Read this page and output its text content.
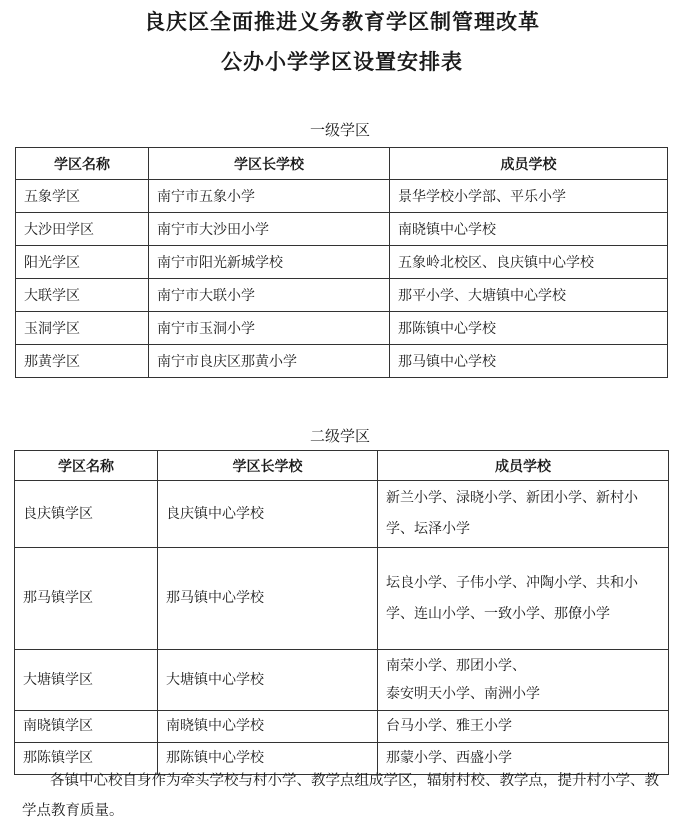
良庆区全面推进义务教育学区制管理改革
公办小学学区设置安排表
一级学区
学区名称	学区长学校	成员学校
五象学区	南宁市五象小学	景华学校小学部、平乐小学
大沙田学区	南宁市大沙田小学	南晓镇中心学校
阳光学区	南宁市阳光新城学校	五象岭北校区、良庆镇中心学校
大联学区	南宁市大联小学	那平小学、大塘镇中心学校
玉洞学区	南宁市玉洞小学	那陈镇中心学校
那黄学区	南宁市良庆区那黄小学	那马镇中心学校
二级学区
学区名称	学区长学校	成员学校
良庆镇学区	良庆镇中心学校	新兰小学、渌晓小学、新团小学、新村小学、坛泽小学
那马镇学区	那马镇中心学校	坛良小学、子伟小学、冲陶小学、共和小学、连山小学、一致小学、那僚小学
大塘镇学区	大塘镇中心学校	南荣小学、那团小学、
泰安明天小学、南洲小学
南晓镇学区	南晓镇中心学校	台马小学、雅王小学
那陈镇学区	那陈镇中心学校	那蒙小学、西盛小学
各镇中心校自身作为牵头学校与村小学、教学点组成学区，辐射村校、教学点，提升村小学、教学点教育质量。
